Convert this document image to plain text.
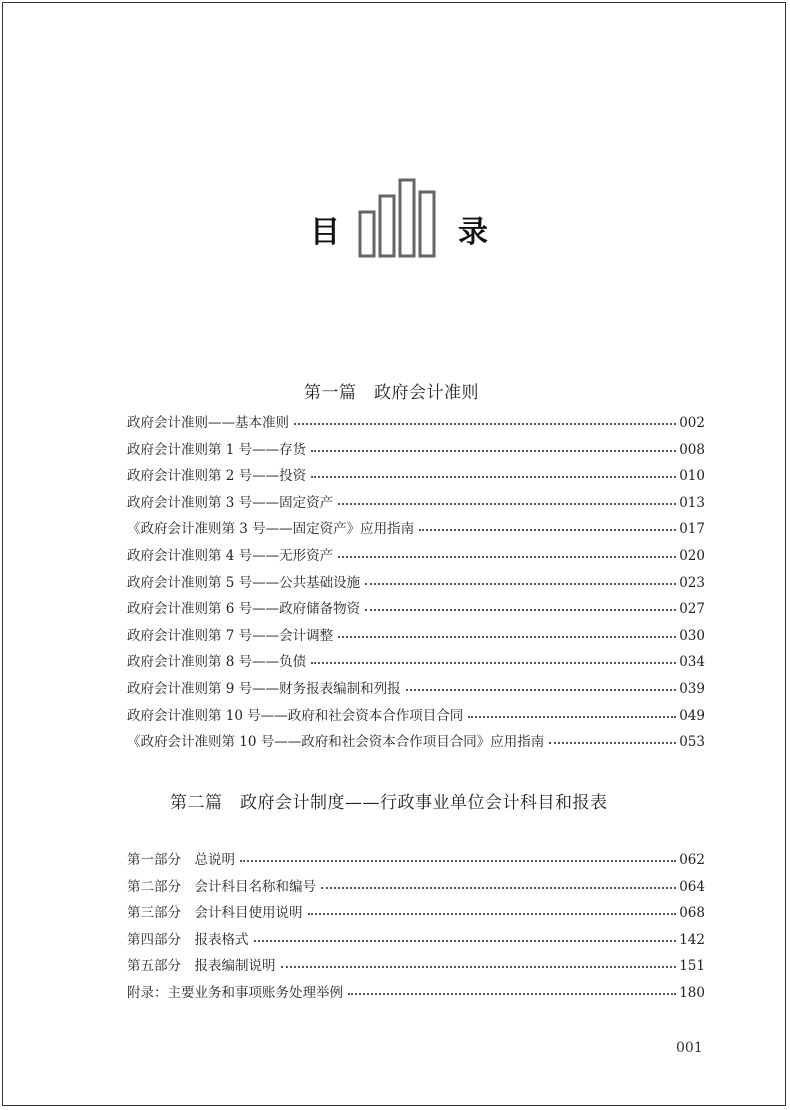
目	录
第一篇　政府会计准则
政府会计准则——基本准则	002
政府会计准则第 1 号——存货	008
政府会计准则第 2 号——投资	010
政府会计准则第 3 号——固定资产	013
《政府会计准则第 3 号——固定资产》应用指南	017
政府会计准则第 4 号——无形资产	020
政府会计准则第 5 号——公共基础设施	023
政府会计准则第 6 号——政府储备物资	027
政府会计准则第 7 号——会计调整	030
政府会计准则第 8 号——负债	034
政府会计准则第 9 号——财务报表编制和列报	039
政府会计准则第 10 号——政府和社会资本合作项目合同	049
《政府会计准则第 10 号——政府和社会资本合作项目合同》应用指南	053
第二篇　政府会计制度——行政事业单位会计科目和报表
第一部分　总说明	062
第二部分　会计科目名称和编号	064
第三部分　会计科目使用说明	068
第四部分　报表格式	142
第五部分　报表编制说明	151
附录：主要业务和事项账务处理举例	180
001
